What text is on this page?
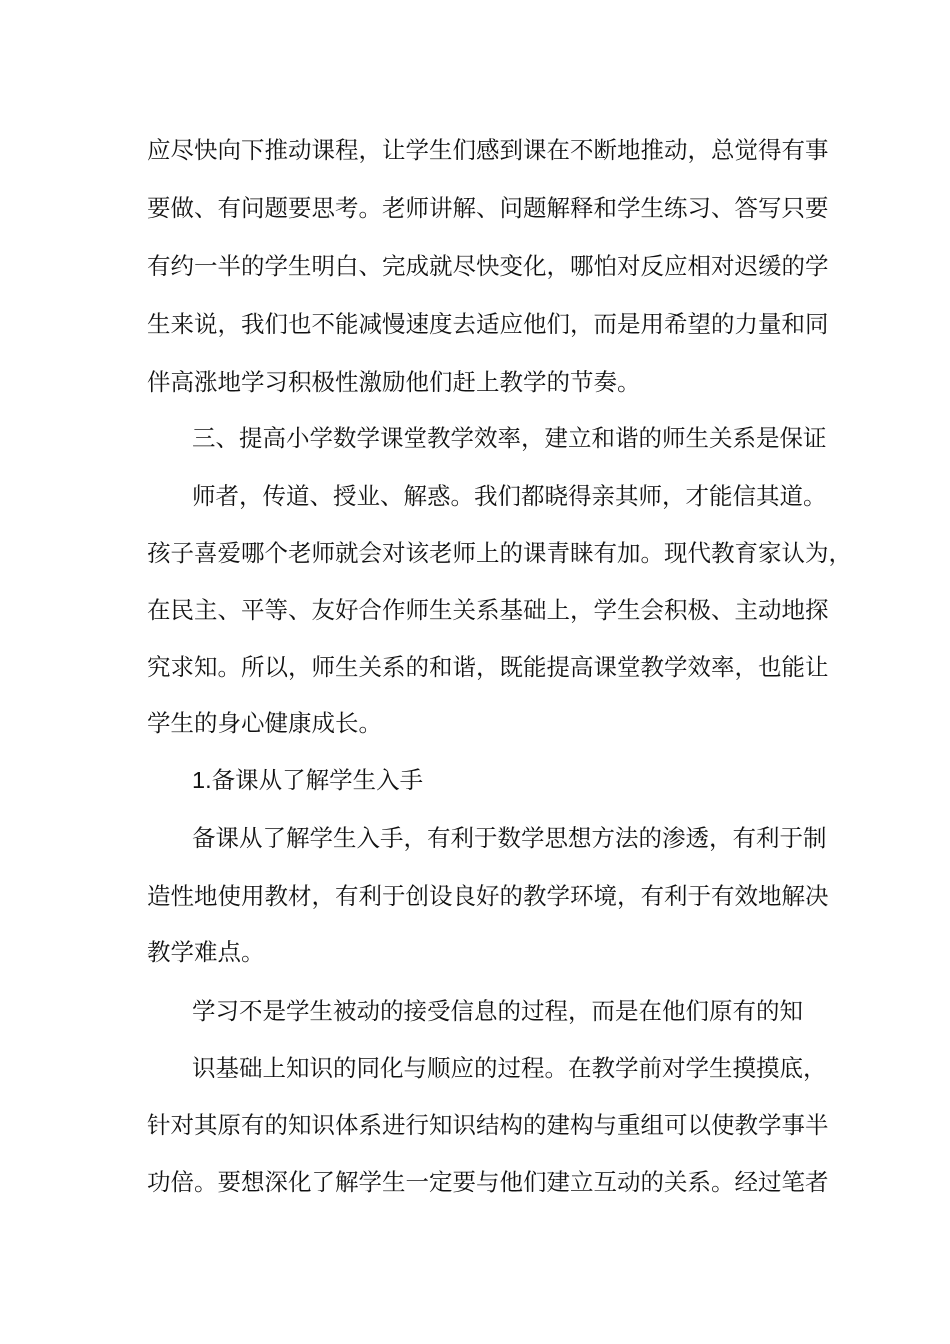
应尽快向下推动课程，让学生们感到课在不断地推动，总觉得有事
要做、有问题要思考。老师讲解、问题解释和学生练习、答写只要
有约一半的学生明白、完成就尽快变化，哪怕对反应相对迟缓的学
生来说，我们也不能减慢速度去适应他们，而是用希望的力量和同
伴高涨地学习积极性激励他们赶上教学的节奏。
三、提高小学数学课堂教学效率，建立和谐的师生关系是保证
师者，传道、授业、解惑。我们都晓得亲其师，才能信其道。
孩子喜爱哪个老师就会对该老师上的课青睐有加。现代教育家认为，
在民主、平等、友好合作师生关系基础上，学生会积极、主动地探
究求知。所以，师生关系的和谐，既能提高课堂教学效率，也能让
学生的身心健康成长。
1.备课从了解学生入手
备课从了解学生入手，有利于数学思想方法的渗透，有利于制
造性地使用教材，有利于创设良好的教学环境，有利于有效地解决
教学难点。
学习不是学生被动的接受信息的过程，而是在他们原有的知
识基础上知识的同化与顺应的过程。在教学前对学生摸摸底，
针对其原有的知识体系进行知识结构的建构与重组可以使教学事半
功倍。要想深化了解学生一定要与他们建立互动的关系。经过笔者
